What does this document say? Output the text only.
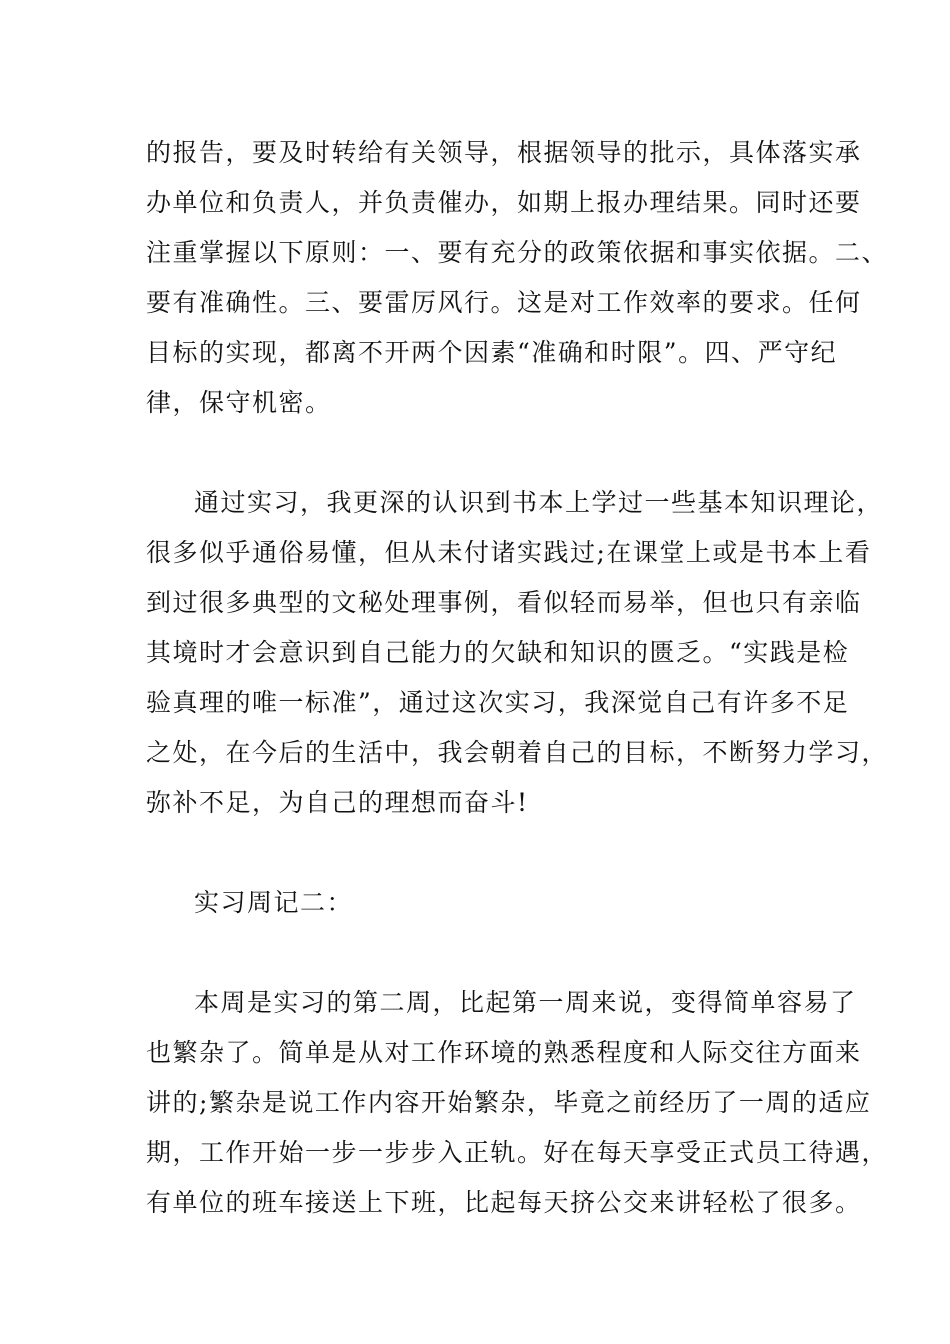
的报告，要及时转给有关领导，根据领导的批示，具体落实承
办单位和负责人，并负责催办，如期上报办理结果。同时还要
注重掌握以下原则：一、要有充分的政策依据和事实依据。二、
要有准确性。三、要雷厉风行。这是对工作效率的要求。任何
目标的实现，都离不开两个因素“准确和时限”。四、严守纪
律，保守机密。
通过实习，我更深的认识到书本上学过一些基本知识理论，
很多似乎通俗易懂，但从未付诸实践过;在课堂上或是书本上看
到过很多典型的文秘处理事例，看似轻而易举，但也只有亲临
其境时才会意识到自己能力的欠缺和知识的匮乏。“实践是检
验真理的唯一标准”，通过这次实习，我深觉自己有许多不足
之处，在今后的生活中，我会朝着自己的目标，不断努力学习，
弥补不足，为自己的理想而奋斗!
实习周记二：
本周是实习的第二周，比起第一周来说，变得简单容易了
也繁杂了。简单是从对工作环境的熟悉程度和人际交往方面来
讲的;繁杂是说工作内容开始繁杂，毕竟之前经历了一周的适应
期，工作开始一步一步步入正轨。好在每天享受正式员工待遇，
有单位的班车接送上下班，比起每天挤公交来讲轻松了很多。
